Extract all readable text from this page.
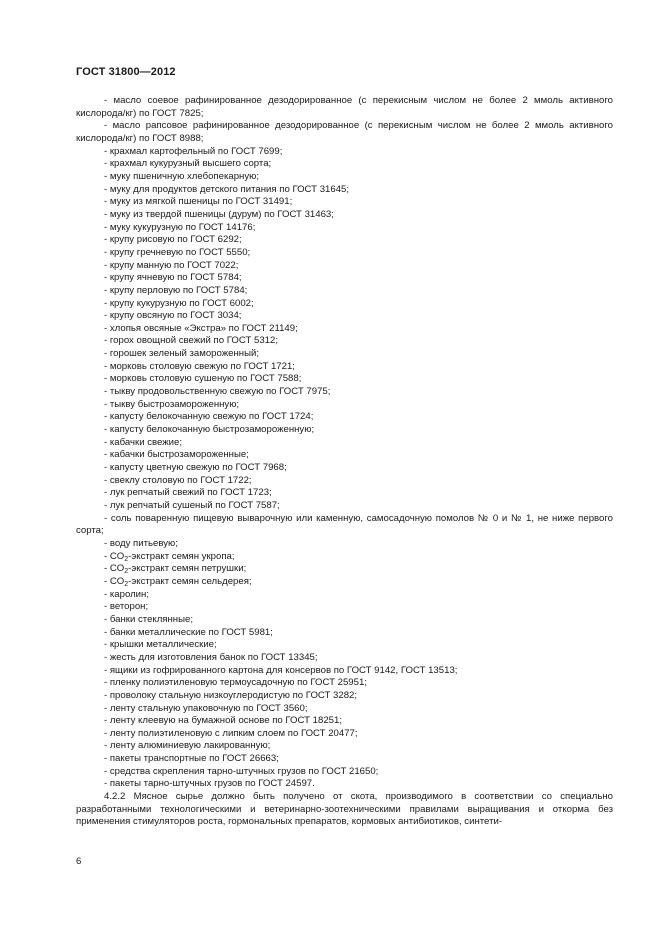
ГОСТ 31800—2012

- масло соевое рафинированное дезодорированное (с перекисным числом не более 2 ммоль активного кислорода/кг) по ГОСТ 7825;

- масло рапсовое рафинированное дезодорированное (с перекисным числом не более 2 ммоль активного кислорода/кг) по ГОСТ 8988;

- крахмал картофельный по ГОСТ 7699;
- крахмал кукурузный высшего сорта;
- муку пшеничную хлебопекарную;
- муку для продуктов детского питания по ГОСТ 31645;
- муку из мягкой пшеницы по ГОСТ 31491;
- муку из твердой пшеницы (дурум) по ГОСТ 31463;
- муку кукурузную по ГОСТ 14176;
- крупу рисовую по ГОСТ 6292;
- крупу гречневую по ГОСТ 5550;
- крупу манную по ГОСТ 7022;
- крупу ячневую по ГОСТ 5784;
- крупу перловую по ГОСТ 5784;
- крупу кукурузную по ГОСТ 6002;
- крупу овсяную по ГОСТ 3034;
- хлопья овсяные «Экстра» по ГОСТ 21149;
- горох овощной свежий по ГОСТ 5312;
- горошек зеленый замороженный;
- морковь столовую свежую по ГОСТ 1721;
- морковь столовую сушеную по ГОСТ 7588;
- тыкву продовольственную свежую по ГОСТ 7975;
- тыкву быстрозамороженную;
- капусту белокочанную свежую по ГОСТ 1724;
- капусту белокочанную быстрозамороженную;
- кабачки свежие;
- кабачки быстрозамороженные;
- капусту цветную свежую по ГОСТ 7968;
- свеклу столовую по ГОСТ 1722;
- лук репчатый свежий по ГОСТ 1723;
- лук репчатый сушеный по ГОСТ 7587;

- соль поваренную пищевую выварочную или каменную, самосадочную помолов № 0 и № 1, не ниже первого сорта;

- воду питьевую;
- $CO_2$-экстракт семян укропа;
- $CO_2$-экстракт семян петрушки;
- $CO_2$-экстракт семян сельдерея;
- каролин;
- веторон;
- банки стеклянные;
- банки металлические по ГОСТ 5981;
- крышки металлические;
- жесть для изготовления банок по ГОСТ 13345;
- ящики из гофрированного картона для консервов по ГОСТ 9142, ГОСТ 13513;
- пленку полиэтиленовую термоусадочную по ГОСТ 25951;
- проволоку стальную низкоуглеродистую по ГОСТ 3282;
- ленту стальную упаковочную по ГОСТ 3560;
- ленту клеевую на бумажной основе по ГОСТ 18251;
- ленту полиэтиленовую с липким слоем по ГОСТ 20477;
- ленту алюминиевую лакированную;
- пакеты транспортные по ГОСТ 26663;
- средства скрепления тарно-штучных грузов по ГОСТ 21650;
- пакеты тарно-штучных грузов по ГОСТ 24597.

4.2.2 Мясное сырье должно быть получено от скота, производимого в соответствии со специально разработанными технологическими и ветеринарно-зоотехническими правилами выращивания и откорма без применения стимуляторов роста, гормональных препаратов, кормовых антибиотиков, синтети-

6
